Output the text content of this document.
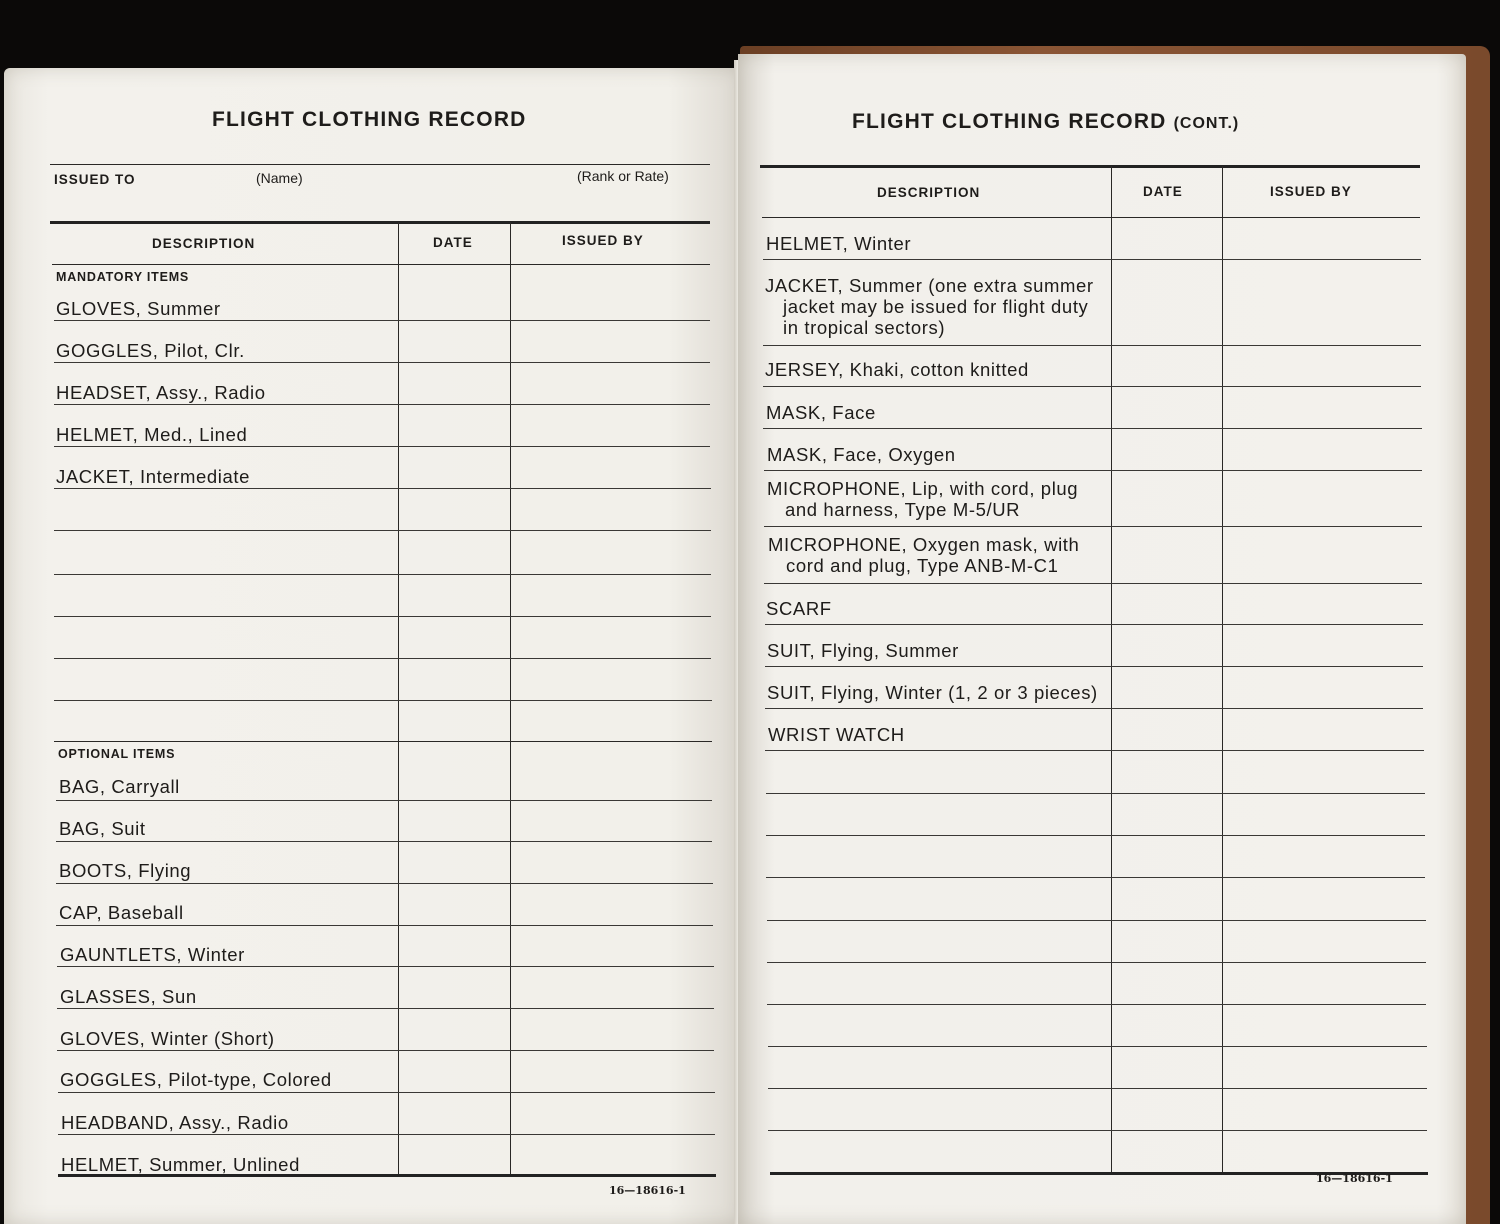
FLIGHT CLOTHING RECORD
ISSUED TO	(Name)	(Rank or Rate)
DESCRIPTION	DATE	ISSUED BY
MANDATORY ITEMS
GLOVES, Summer
GOGGLES, Pilot, Clr.
HEADSET, Assy., Radio
HELMET, Med., Lined
JACKET, Intermediate
OPTIONAL ITEMS
BAG, Carryall
BAG, Suit
BOOTS, Flying
CAP, Baseball
GAUNTLETS, Winter
GLASSES, Sun
GLOVES, Winter (Short)
GOGGLES, Pilot-type, Colored
HEADBAND, Assy., Radio
HELMET, Summer, Unlined
16—18616-1
FLIGHT CLOTHING RECORD (CONT.)
DESCRIPTION	DATE	ISSUED BY
HELMET, Winter
JACKET, Summer (one extra summer
jacket may be issued for flight duty
in tropical sectors)
JERSEY, Khaki, cotton knitted
MASK, Face
MASK, Face, Oxygen
MICROPHONE, Lip, with cord, plug
and harness, Type M-5/UR
MICROPHONE, Oxygen mask, with
cord and plug, Type ANB-M-C1
SCARF
SUIT, Flying, Summer
SUIT, Flying, Winter (1, 2 or 3 pieces)
WRIST WATCH
16—18616-1
